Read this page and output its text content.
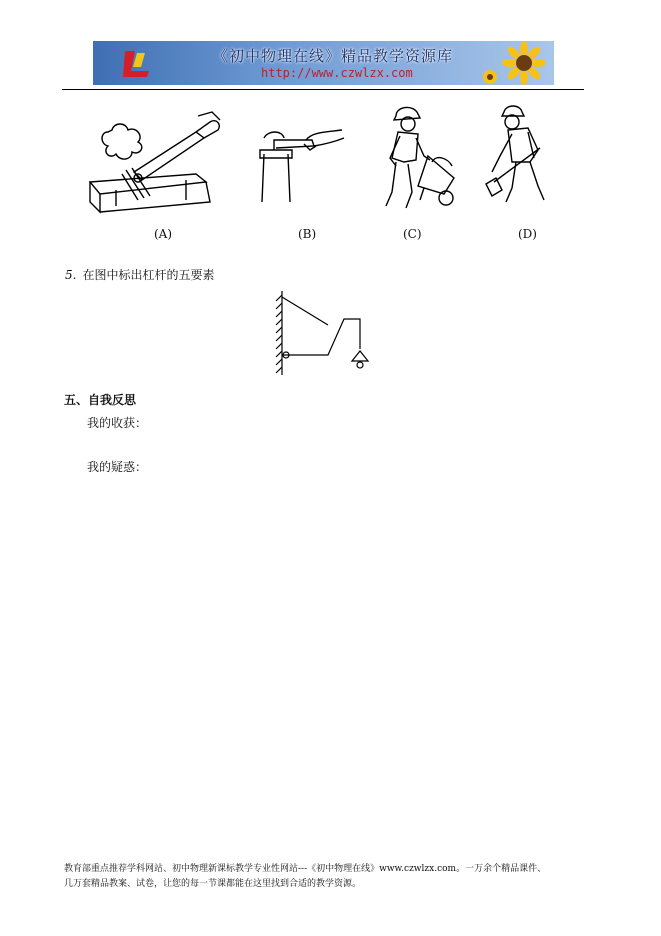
《初中物理在线》精品教学资源库
http://www.czwlzx.com
(A)	(B)	(C)	(D)
5. 在图中标出杠杆的五要素
五、自我反思
我的收获：
我的疑惑：
教育部重点推荐学科网站、初中物理新课标教学专业性网站---《初中物理在线》www.czwlzx.com。一万余个精品课件、
几万套精品教案、试卷，让您的每一节课都能在这里找到合适的教学资源。
